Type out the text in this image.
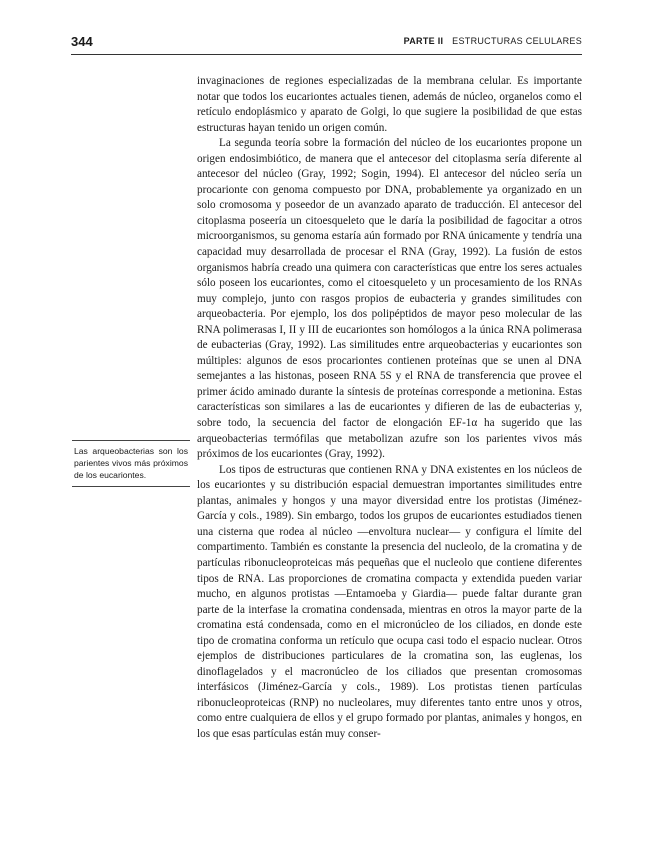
344	PARTE II ESTRUCTURAS CELULARES
Las arqueobacterias son los parientes vivos más próximos de los eucariontes.

invaginaciones de regiones especializadas de la membrana celular. Es importante notar que todos los eucariontes actuales tienen, además de núcleo, organelos como el retículo endoplásmico y aparato de Golgi, lo que sugiere la posibilidad de que estas estructuras hayan tenido un origen común.

La segunda teoría sobre la formación del núcleo de los eucariontes propone un origen endosimbiótico, de manera que el antecesor del citoplasma sería diferente al antecesor del núcleo (Gray, 1992; Sogin, 1994). El antecesor del núcleo sería un procarionte con genoma compuesto por DNA, probablemente ya organizado en un solo cromosoma y poseedor de un avanzado aparato de traducción. El antecesor del citoplasma poseería un citoesqueleto que le daría la posibilidad de fagocitar a otros microorganismos, su genoma estaría aún formado por RNA únicamente y tendría una capacidad muy desarrollada de procesar el RNA (Gray, 1992). La fusión de estos organismos habría creado una quimera con características que entre los seres actuales sólo poseen los eucariontes, como el citoesqueleto y un procesamiento de los RNAs muy complejo, junto con rasgos propios de eubacteria y grandes similitudes con arqueobacteria. Por ejemplo, los dos polipéptidos de mayor peso molecular de las RNA polimerasas I, II y III de eucariontes son homólogos a la única RNA polimerasa de eubacterias (Gray, 1992). Las similitudes entre arqueobacterias y eucariontes son múltiples: algunos de esos procariontes contienen proteínas que se unen al DNA semejantes a las histonas, poseen RNA 5S y el RNA de transferencia que provee el primer ácido aminado durante la síntesis de proteínas corresponde a metionina. Estas características son similares a las de eucariontes y difieren de las de eubacterias y, sobre todo, la secuencia del factor de elongación EF-1α ha sugerido que las arqueobacterias termófilas que metabolizan azufre son los parientes vivos más próximos de los eucariontes (Gray, 1992).

Los tipos de estructuras que contienen RNA y DNA existentes en los núcleos de los eucariontes y su distribución espacial demuestran importantes similitudes entre plantas, animales y hongos y una mayor diversidad entre los protistas (Jiménez-García y cols., 1989). Sin embargo, todos los grupos de eucariontes estudiados tienen una cisterna que rodea al núcleo —envoltura nuclear— y configura el límite del compartimento. También es constante la presencia del nucleolo, de la cromatina y de partículas ribonucleoproteicas más pequeñas que el nucleolo que contiene diferentes tipos de RNA. Las proporciones de cromatina compacta y extendida pueden variar mucho, en algunos protistas —Entamoeba y Giardia— puede faltar durante gran parte de la interfase la cromatina condensada, mientras en otros la mayor parte de la cromatina está condensada, como en el micronúcleo de los ciliados, en donde este tipo de cromatina conforma un retículo que ocupa casi todo el espacio nuclear. Otros ejemplos de distribuciones particulares de la cromatina son, las euglenas, los dinoflagelados y el macronúcleo de los ciliados que presentan cromosomas interfásicos (Jiménez-García y cols., 1989). Los protistas tienen partículas ribonucleoproteicas (RNP) no nucleolares, muy diferentes tanto entre unos y otros, como entre cualquiera de ellos y el grupo formado por plantas, animales y hongos, en los que esas partículas están muy conser-
